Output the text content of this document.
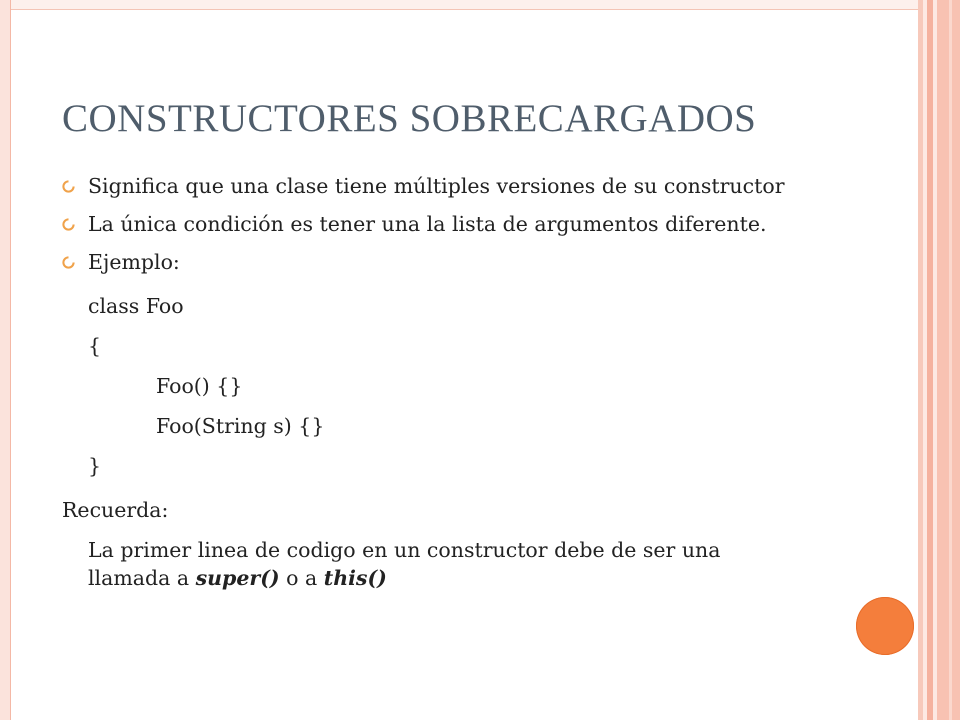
CONSTRUCTORES SOBRECARGADOS
Significa que una clase tiene múltiples versiones de su constructor
La única condición es tener una la lista de argumentos diferente.
Ejemplo:
class Foo
{
Foo() {}
Foo(String s) {}
}
Recuerda:
La primer linea de codigo en un constructor debe de ser una llamada a super() o a this()
